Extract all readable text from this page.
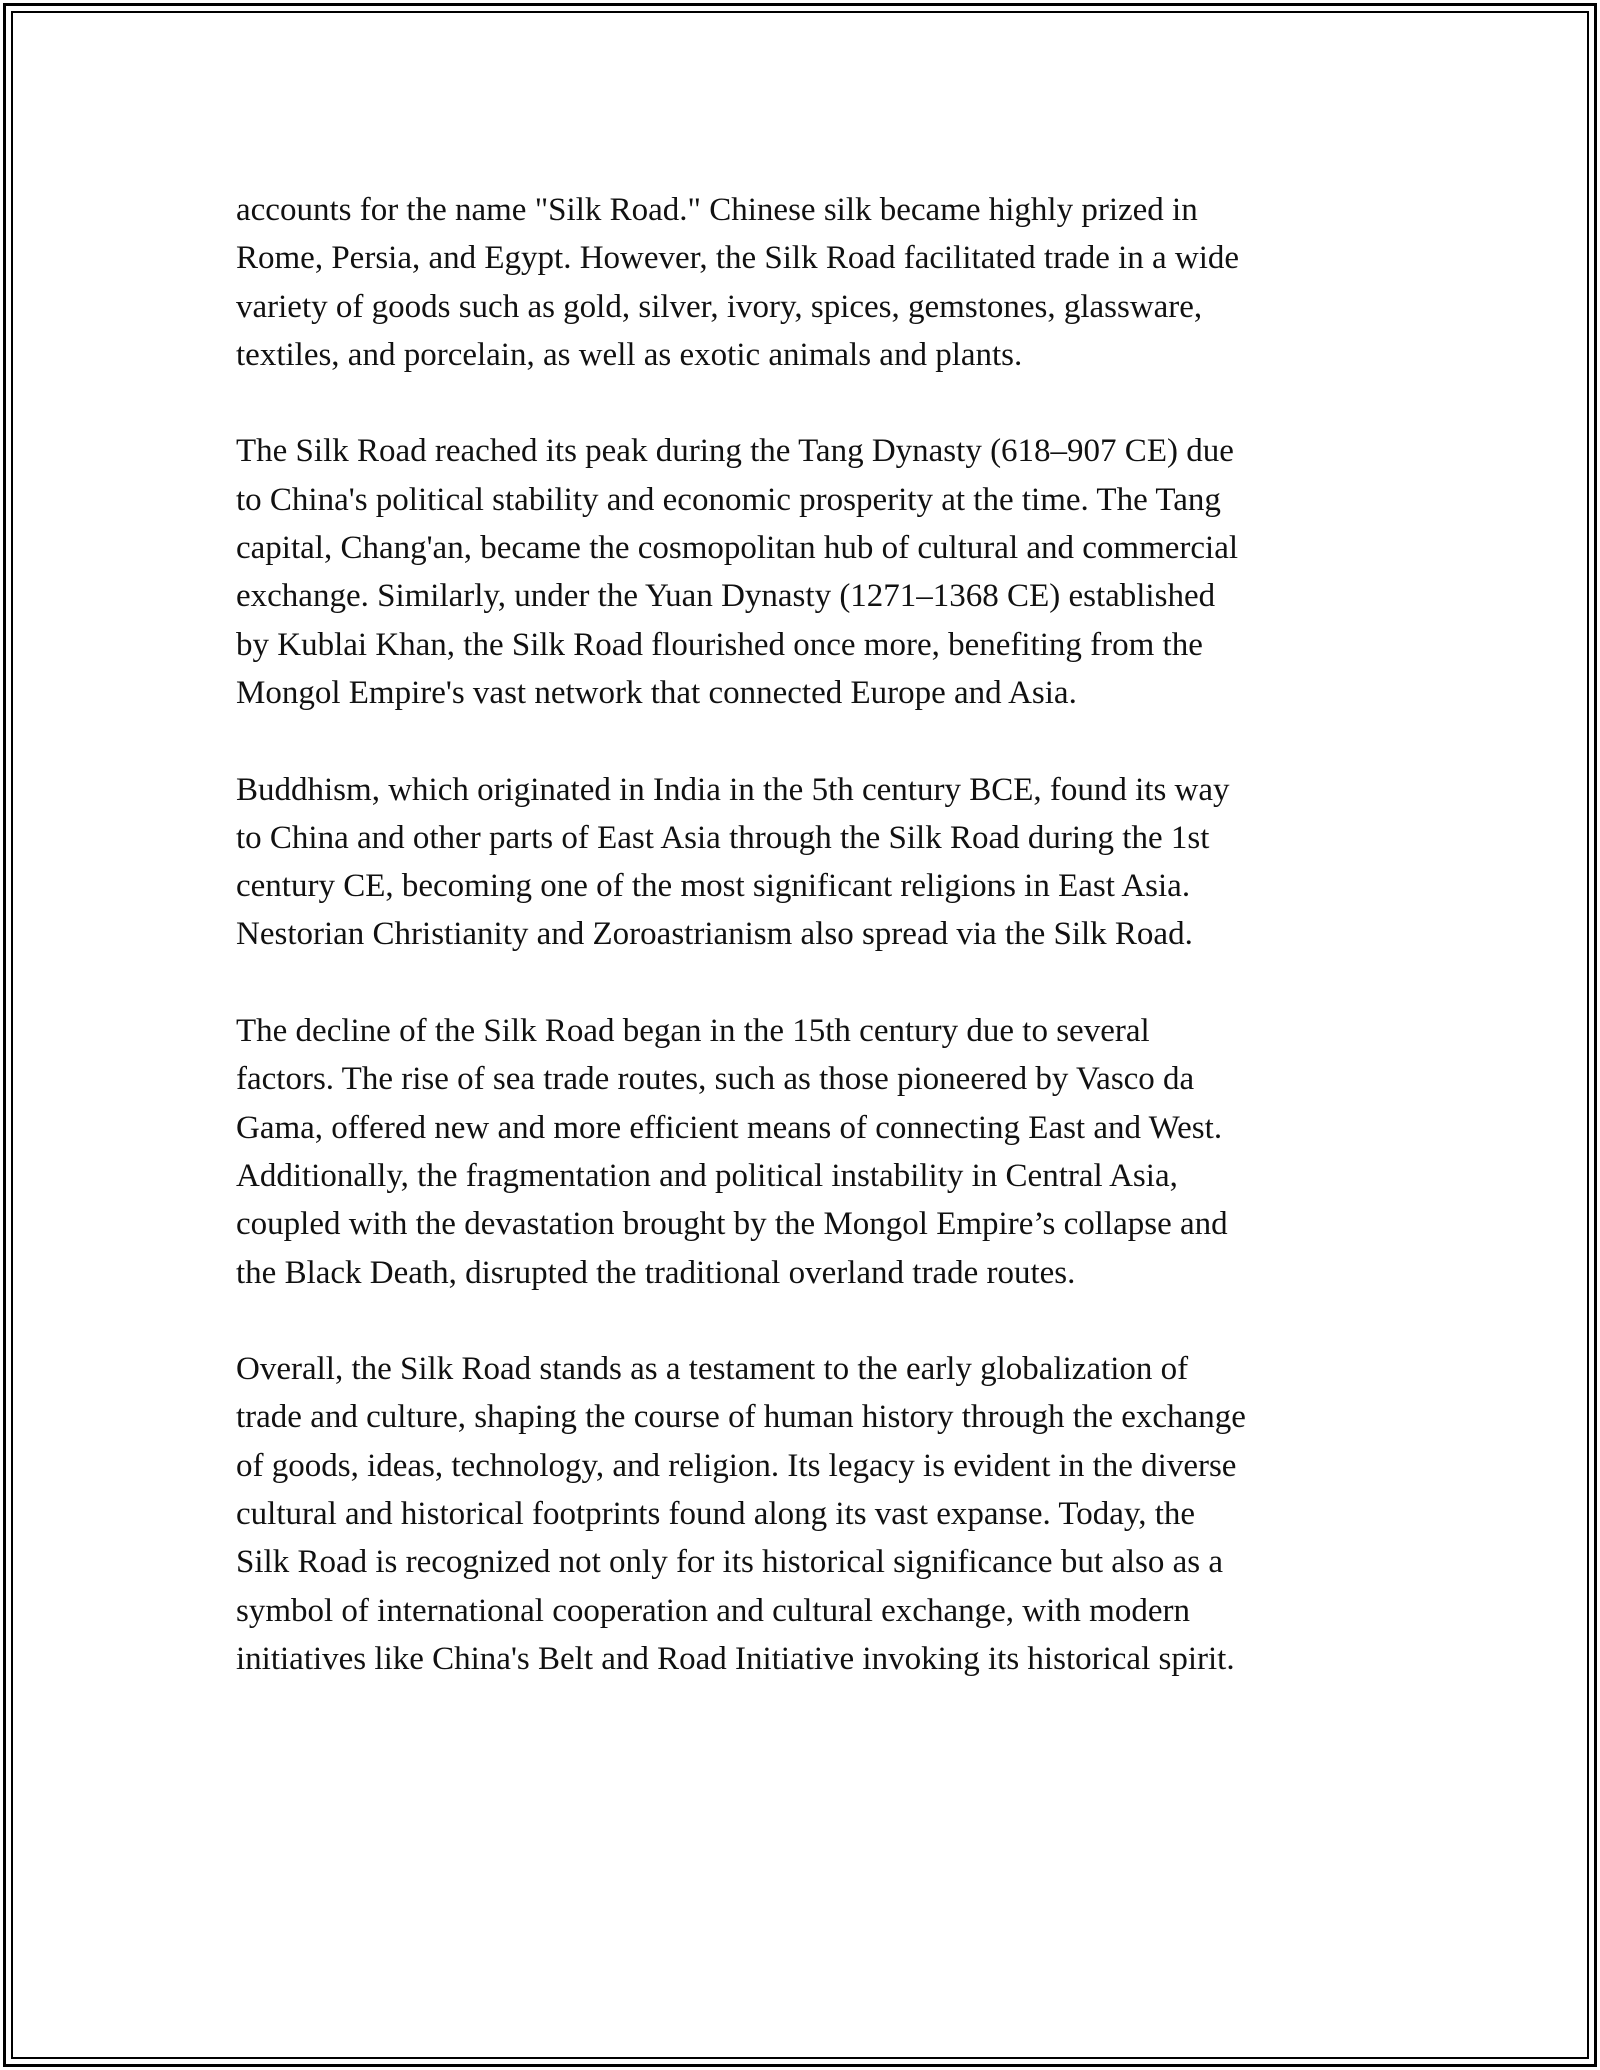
accounts for the name "Silk Road." Chinese silk became highly prized in
Rome, Persia, and Egypt. However, the Silk Road facilitated trade in a wide
variety of goods such as gold, silver, ivory, spices, gemstones, glassware,
textiles, and porcelain, as well as exotic animals and plants.

The Silk Road reached its peak during the Tang Dynasty (618–907 CE) due
to China's political stability and economic prosperity at the time. The Tang
capital, Chang'an, became the cosmopolitan hub of cultural and commercial
exchange. Similarly, under the Yuan Dynasty (1271–1368 CE) established
by Kublai Khan, the Silk Road flourished once more, benefiting from the
Mongol Empire's vast network that connected Europe and Asia.

Buddhism, which originated in India in the 5th century BCE, found its way
to China and other parts of East Asia through the Silk Road during the 1st
century CE, becoming one of the most significant religions in East Asia.
Nestorian Christianity and Zoroastrianism also spread via the Silk Road.

The decline of the Silk Road began in the 15th century due to several
factors. The rise of sea trade routes, such as those pioneered by Vasco da
Gama, offered new and more efficient means of connecting East and West.
Additionally, the fragmentation and political instability in Central Asia,
coupled with the devastation brought by the Mongol Empire’s collapse and
the Black Death, disrupted the traditional overland trade routes.

Overall, the Silk Road stands as a testament to the early globalization of
trade and culture, shaping the course of human history through the exchange
of goods, ideas, technology, and religion. Its legacy is evident in the diverse
cultural and historical footprints found along its vast expanse. Today, the
Silk Road is recognized not only for its historical significance but also as a
symbol of international cooperation and cultural exchange, with modern
initiatives like China's Belt and Road Initiative invoking its historical spirit.
